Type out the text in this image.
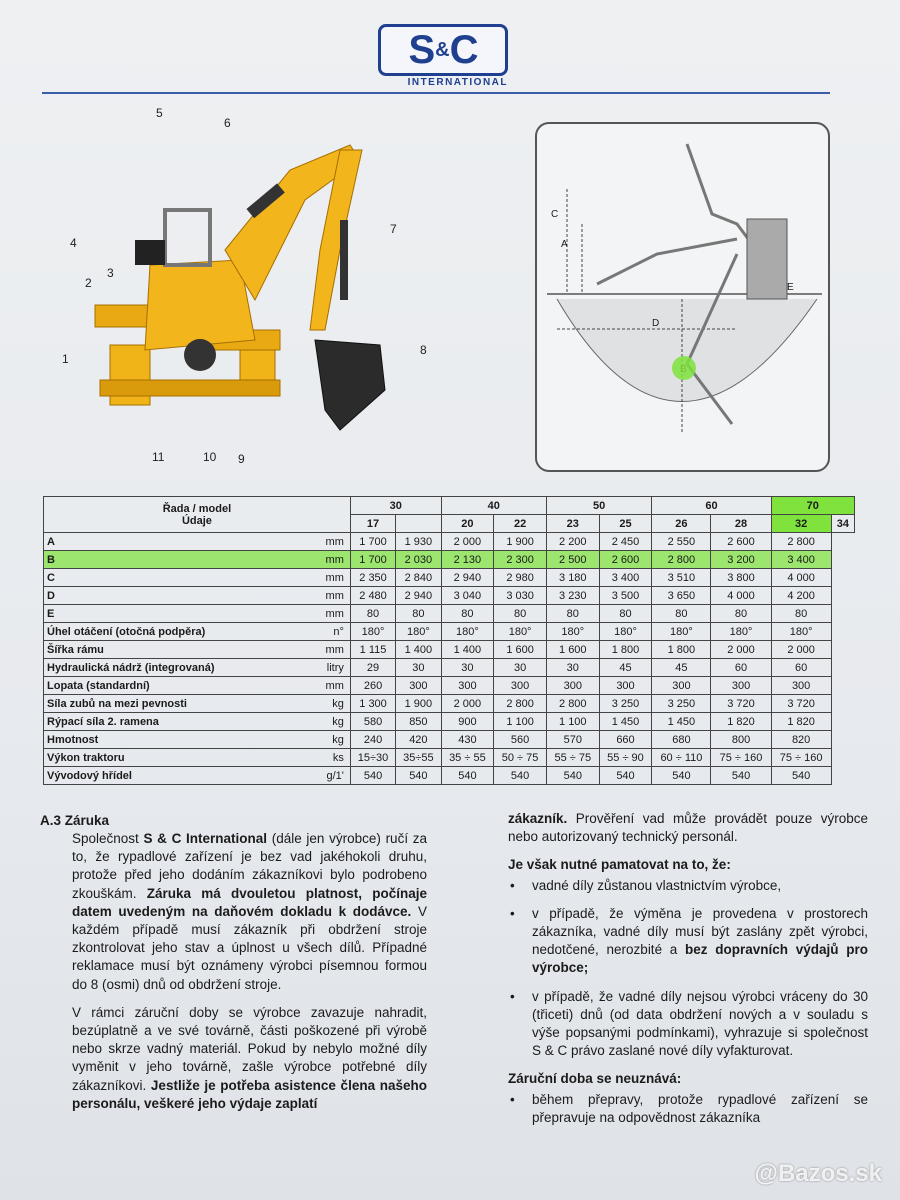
S & C
INTERNATIONAL
5
6
4
3
2
7
8
1
11	10 9
C
A
D
E
Řada / model
Údaje		30		40		50		60		70	
		17		20	22	23	25	26	28	32	34
A	mm	1 700	1 930	2 000	1 900	2 200	2 450	2 550	2 600	2 800	
B	mm	1 700	2 030	2 130	2 300	2 500	2 600	2 800	3 200	3 400	
C	mm	2 350	2 840	2 940	2 980	3 180	3 400	3 510	3 800	4 000	
D	mm	2 480	2 940	3 040	3 030	3 230	3 500	3 650	4 000	4 200	
E	mm	80	80	80	80	80	80	80	80	80	
Úhel otáčení (otočná podpěra)	n°	180°	180°	180°	180°	180°	180°	180°	180°	180°	
Šířka rámu	mm	1 115	1 400	1 400	1 600	1 600	1 800	1 800	2 000	2 000	
Hydraulická nádrž (integrovaná)	litry	29	30	30	30	30	45	45	60	60	
Lopata (standardní)	mm	260	300	300	300	300	300	300	300	300	
Síla zubů na mezi pevnosti	kg	1 300	1 900	2 000	2 800	2 800	3 250	3 250	3 720	3 720	
Rýpací síla 2. ramena	kg	580	850	900	1 100	1 100	1 450	1 450	1 820	1 820	
Hmotnost	kg	240	420	430	560	570	660	680	800	820	
Výkon traktoru	ks	15÷30	35÷55	35 ÷ 55	50 ÷ 75	55 ÷ 75	55 ÷ 90	60 ÷ 110	75 ÷ 160	75 ÷ 160	
Vývodový hřídel	g/1'	540	540	540	540	540	540	540	540	540	
A.3 Záruka

Společnost S & C International (dále jen výrobce) ručí za to, že rypadlové zařízení je bez vad jakéhokoli druhu, protože před jeho dodáním zákazníkovi bylo podrobeno zkouškám. Záruka má dvouletou platnost, počínaje datem uvedeným na daňovém dokladu k dodávce. V každém případě musí zákazník při obdržení stroje zkontrolovat jeho stav a úplnost u všech dílů. Případné reklamace musí být oznámeny výrobci písemnou formou do 8 (osmi) dnů od obdržení stroje.

V rámci záruční doby se výrobce zavazuje nahradit, bezúplatně a ve své továrně, části poškozené při výrobě nebo skrze vadný materiál. Pokud by nebylo možné díly vyměnit v jeho továrně, zašle výrobce potřebné díly zákazníkovi. Jestliže je potřeba asistence člena našeho personálu, veškeré jeho výdaje zaplatí

zákazník. Prověření vad může provádět pouze výrobce nebo autorizovaný technický personál.

Je však nutné pamatovat na to, že:
•	vadné díly zůstanou vlastnictvím výrobce,
•	v případě, že výměna je provedena v prostorech zákazníka, vadné díly musí být zaslány zpět výrobci, nedotčené, nerozbité a bez dopravních výdajů pro výrobce;
•	v případě, že vadné díly nejsou výrobci vráceny do 30 (třiceti) dnů (od data obdržení nových a v souladu s výše popsanými podmínkami), vyhrazuje si společnost S & C právo zaslané nové díly vyfakturovat.
Záruční doba se neuznává:
•	během přepravy, protože rypadlové zařízení se přepravuje na odpovědnost zákazníka
@Bazos.sk
